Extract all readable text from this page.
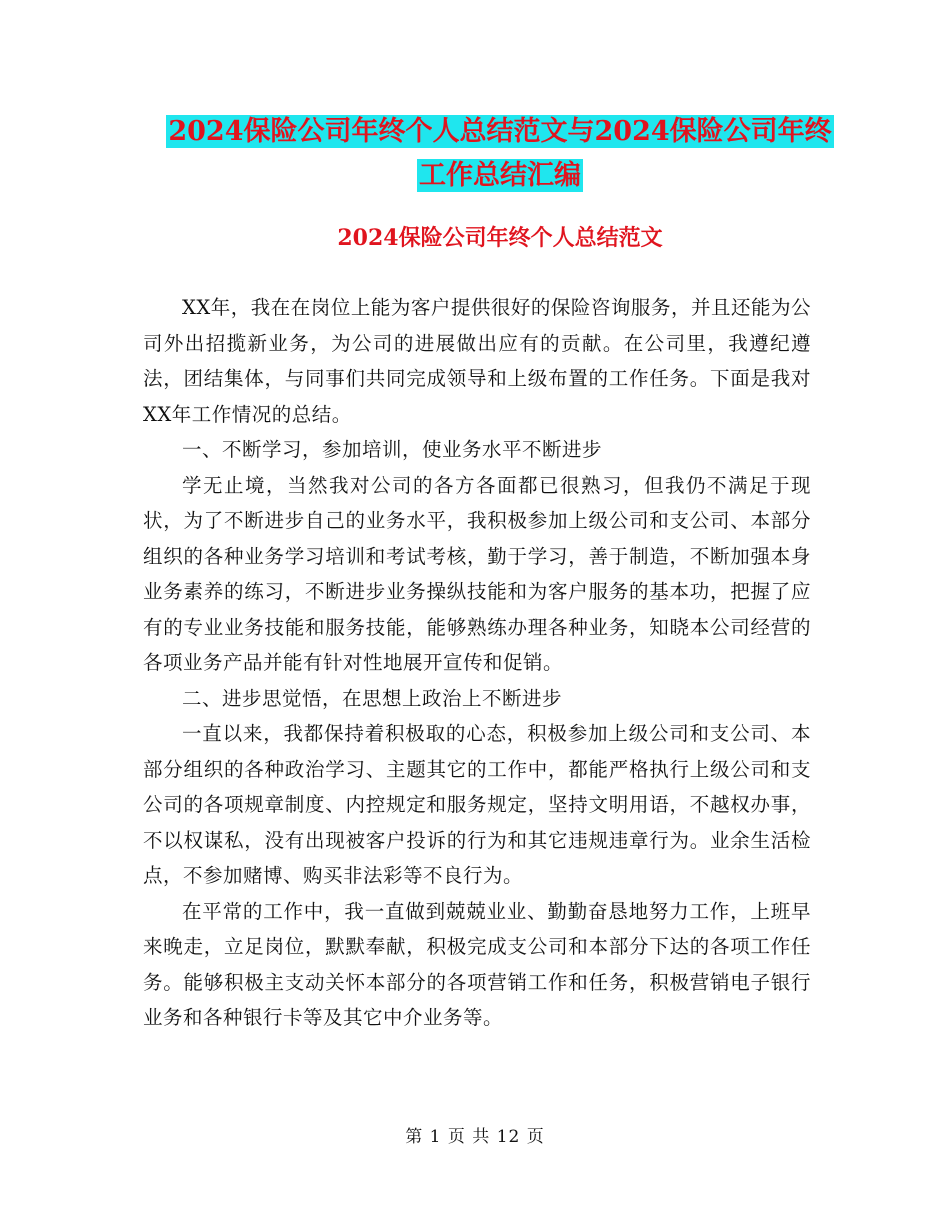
2024保险公司年终个人总结范文与2024保险公司年终
工作总结汇编
2024保险公司年终个人总结范文

XX年，我在在岗位上能为客户提供很好的保险咨询服务，并且还能为公司外出招揽新业务，为公司的进展做出应有的贡献。在公司里，我遵纪遵法，团结集体，与同事们共同完成领导和上级布置的工作任务。下面是我对XX年工作情况的总结。

一、不断学习，参加培训，使业务水平不断进步

学无止境，当然我对公司的各方各面都已很熟习，但我仍不满足于现状，为了不断进步自己的业务水平，我积极参加上级公司和支公司、本部分组织的各种业务学习培训和考试考核，勤于学习，善于制造，不断加强本身业务素养的练习，不断进步业务操纵技能和为客户服务的基本功，把握了应有的专业业务技能和服务技能，能够熟练办理各种业务，知晓本公司经营的各项业务产品并能有针对性地展开宣传和促销。

二、进步思觉悟，在思想上政治上不断进步

一直以来，我都保持着积极取的心态，积极参加上级公司和支公司、本部分组织的各种政治学习、主题其它的工作中，都能严格执行上级公司和支公司的各项规章制度、内控规定和服务规定，坚持文明用语，不越权办事，不以权谋私，没有出现被客户投诉的行为和其它违规违章行为。业余生活检点，不参加赌博、购买非法彩等不良行为。

在平常的工作中，我一直做到兢兢业业、勤勤奋恳地努力工作，上班早来晚走，立足岗位，默默奉献，积极完成支公司和本部分下达的各项工作任务。能够积极主支动关怀本部分的各项营销工作和任务，积极营销电子银行业务和各种银行卡等及其它中介业务等。

第 1 页 共 12 页
